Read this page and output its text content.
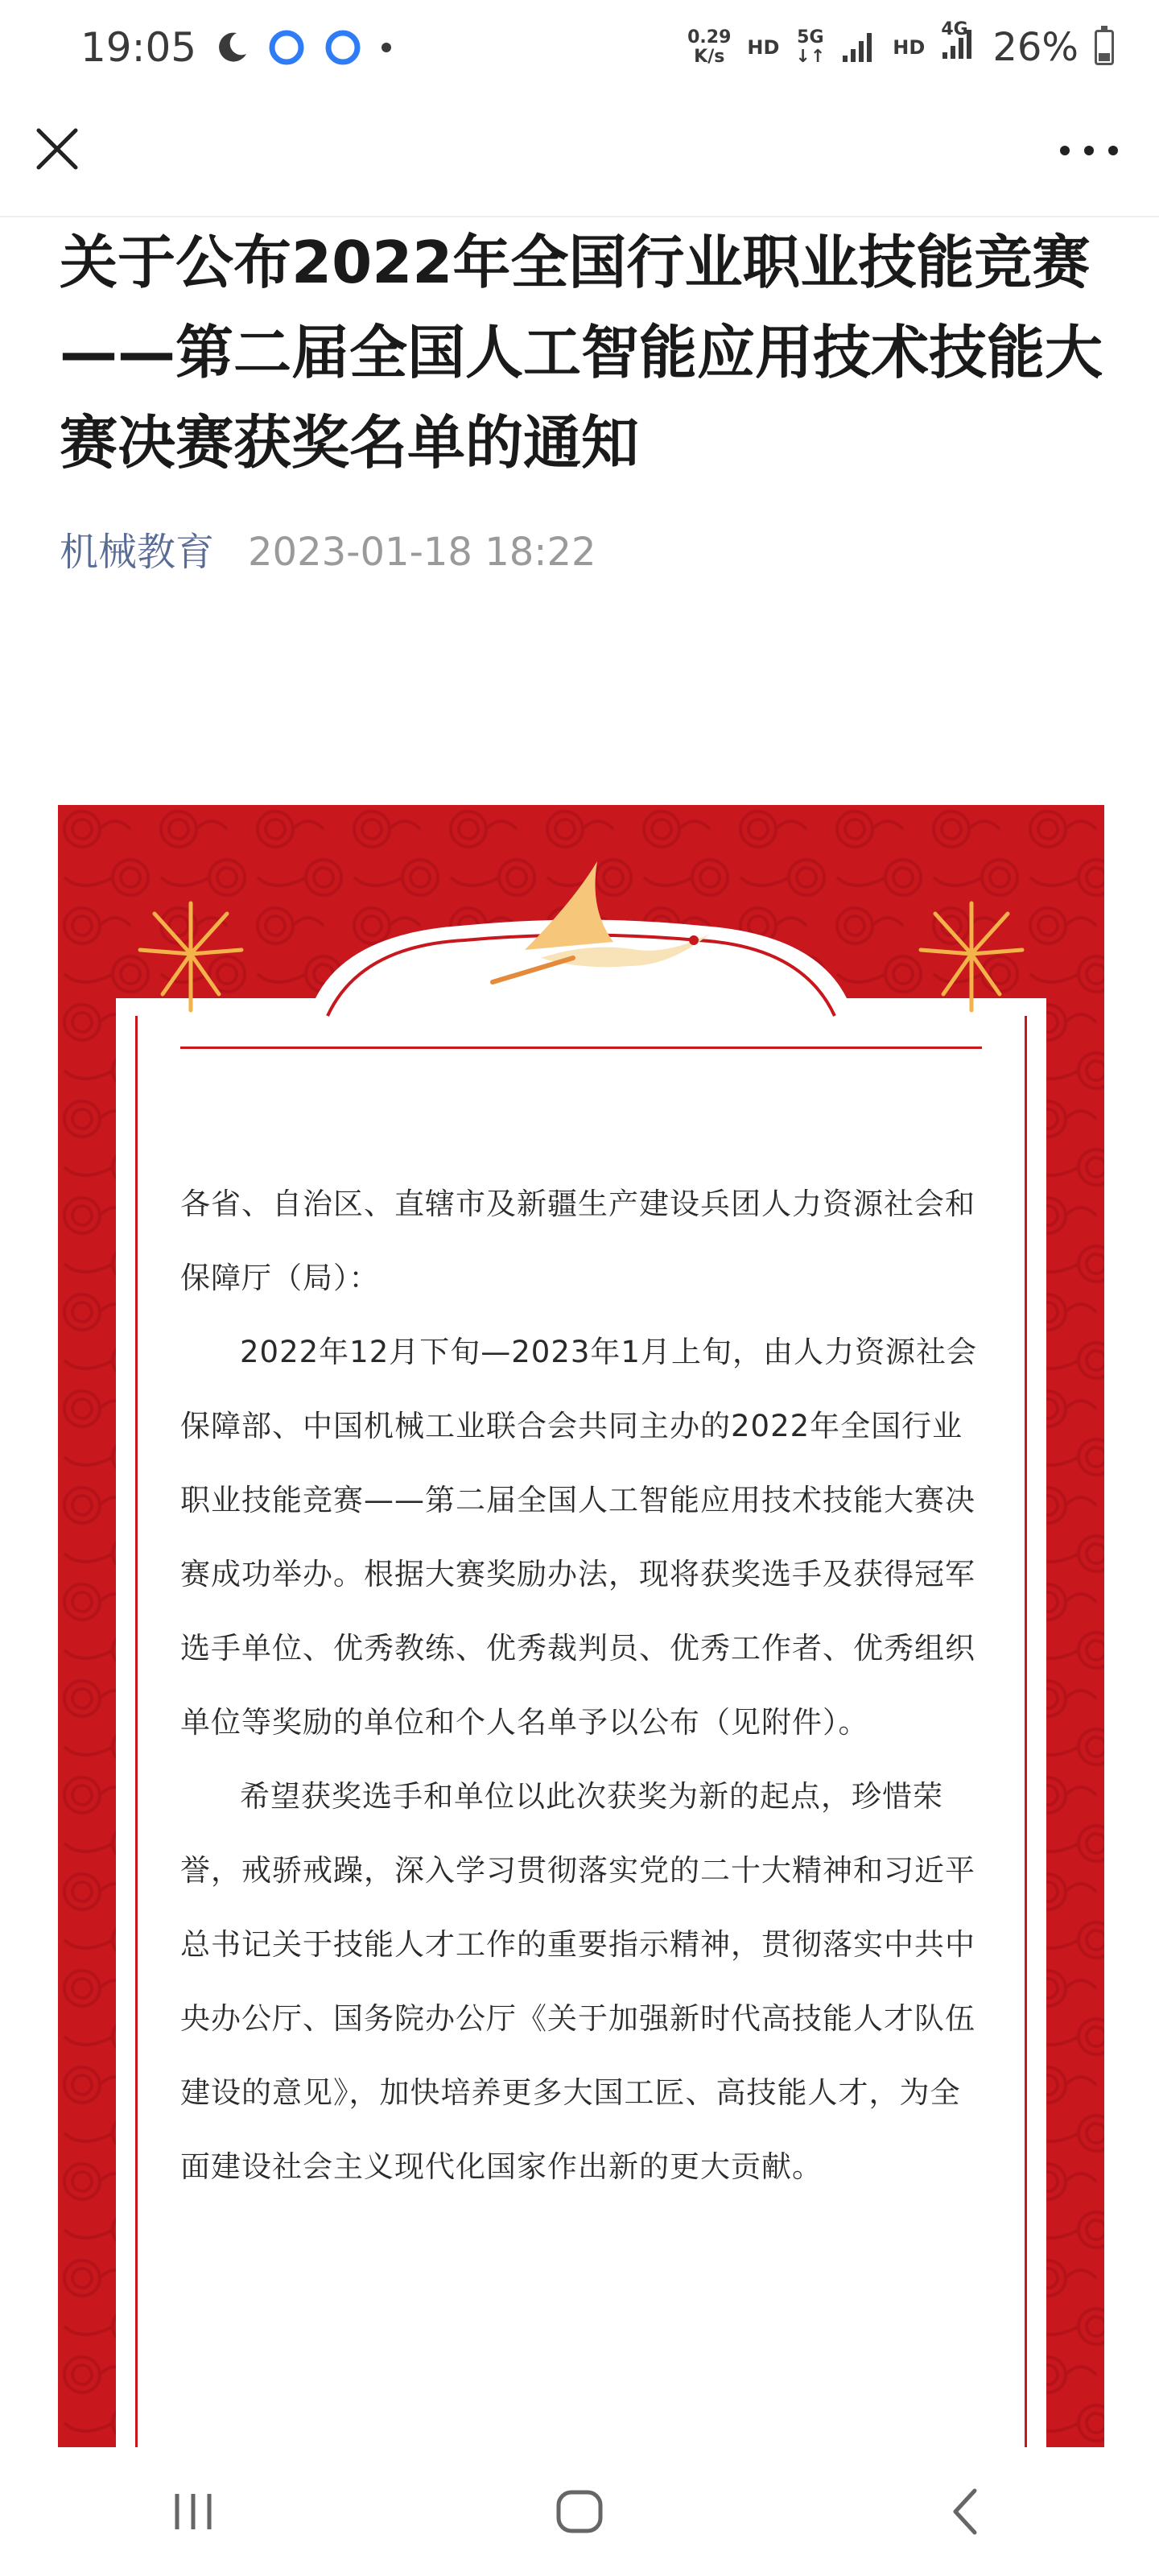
19:05	0.29
K/s	HD 5G
↓↑	HD
4G 26%
关于公布2022年全国行业职业技能竞赛——第二届全国人工智能应用技术技能大赛决赛获奖名单的通知
机械教育 2023-01-18 18:22

各省、自治区、直辖市及新疆生产建设兵团人力资源社会和保障厅（局）：

2022年12月下旬—2023年1月上旬，由人力资源社会保障部、中国机械工业联合会共同主办的2022年全国行业职业技能竞赛——第二届全国人工智能应用技术技能大赛决赛成功举办。根据大赛奖励办法，现将获奖选手及获得冠军选手单位、优秀教练、优秀裁判员、优秀工作者、优秀组织单位等奖励的单位和个人名单予以公布（见附件）。

希望获奖选手和单位以此次获奖为新的起点，珍惜荣誉，戒骄戒躁，深入学习贯彻落实党的二十大精神和习近平总书记关于技能人才工作的重要指示精神，贯彻落实中共中央办公厅、国务院办公厅《关于加强新时代高技能人才队伍建设的意见》，加快培养更多大国工匠、高技能人才，为全面建设社会主义现代化国家作出新的更大贡献。
